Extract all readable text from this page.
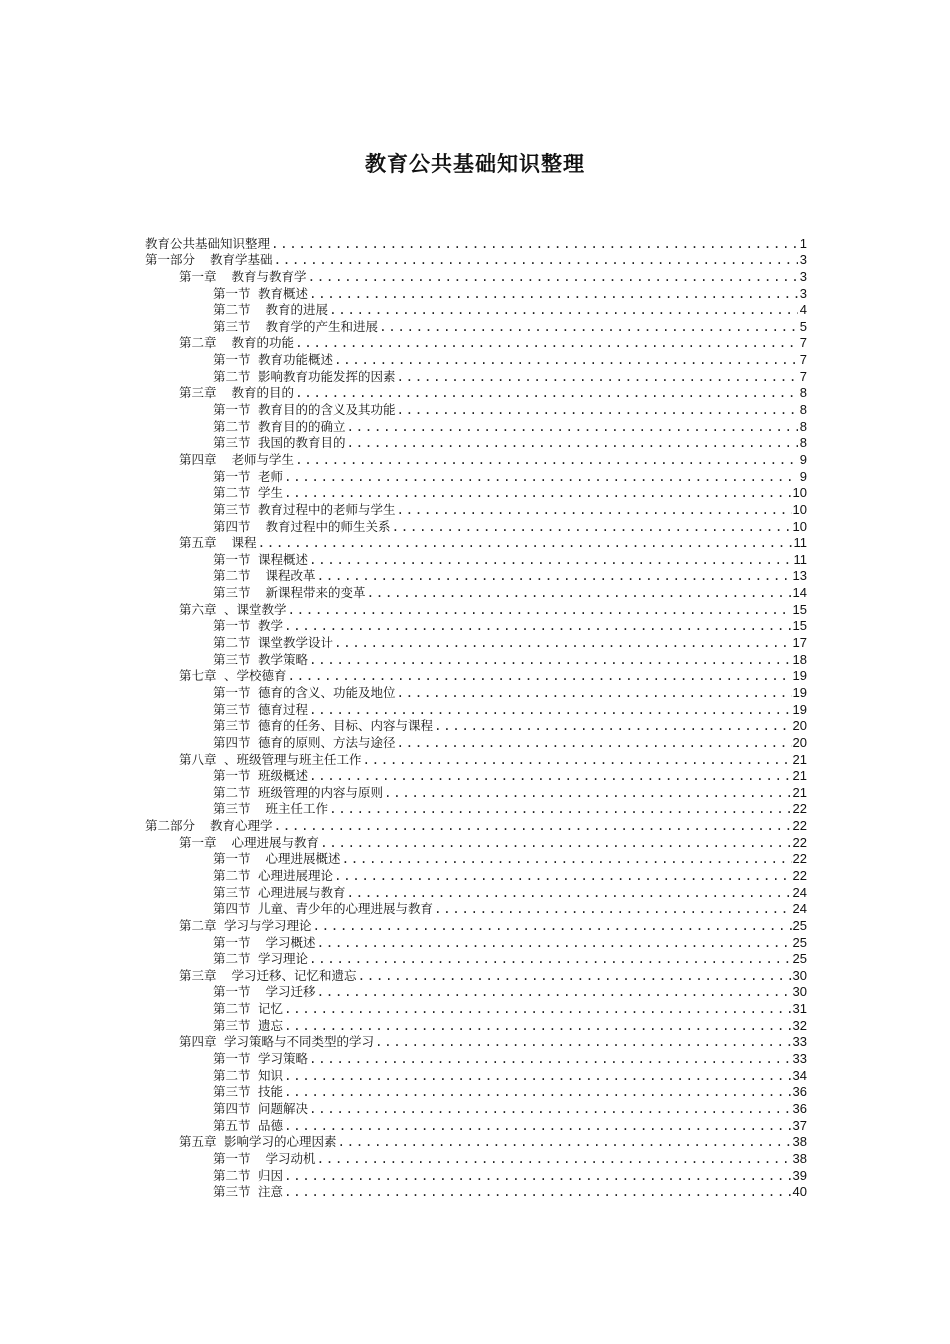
教育公共基础知识整理
教育公共基础知识整理 .....	1
第一部分  教育学基础 .....	3
第一章  教育与教育学 .....	3
第一节 教育概述 .....	3
第二节  教育的进展 .....	4
第三节  教育学的产生和进展 .....	5
第二章  教育的功能 .....	7
第一节 教育功能概述 .....	7
第二节 影响教育功能发挥的因素 .....	7
第三章  教育的目的 .....	8
第一节 教育目的的含义及其功能 .....	8
第二节 教育目的的确立 .....	8
第三节 我国的教育目的 .....	8
第四章  老师与学生 .....	9
第一节 老师 .....	9
第二节 学生 .....	10
第三节 教育过程中的老师与学生 .....	10
第四节  教育过程中的师生关系 .....	10
第五章  课程 .....	11
第一节 课程概述 .....	11
第二节  课程改革 .....	13
第三节  新课程带来的变革 .....	14
第六章 、课堂教学 .....	15
第一节 教学 .....	15
第二节 课堂教学设计 .....	17
第三节 教学策略 .....	18
第七章 、学校德育 .....	19
第一节 德育的含义、功能及地位 .....	19
第三节 德育过程 .....	19
第三节 德育的任务、目标、内容与课程 .....	20
第四节 德育的原则、方法与途径 .....	20
第八章 、班级管理与班主任工作 .....	21
第一节 班级概述 .....	21
第二节 班级管理的内容与原则 .....	21
第三节  班主任工作 .....	22
第二部分  教育心理学 .....	22
第一章  心理进展与教育 .....	22
第一节  心理进展概述 .....	22
第二节 心理进展理论 .....	22
第三节 心理进展与教育 .....	24
第四节 儿童、青少年的心理进展与教育 .....	24
第二章 学习与学习理论 .....	25
第一节  学习概述 .....	25
第二节 学习理论 .....	25
第三章  学习迁移、记忆和遗忘 .....	30
第一节  学习迁移 .....	30
第二节 记忆 .....	31
第三节 遗忘 .....	32
第四章 学习策略与不同类型的学习 .....	33
第一节 学习策略 .....	33
第二节 知识 .....	34
第三节 技能 .....	36
第四节 问题解决 .....	36
第五节 品德 .....	37
第五章 影响学习的心理因素 .....	38
第一节  学习动机 .....	38
第二节 归因 .....	39
第三节 注意 .....	40
